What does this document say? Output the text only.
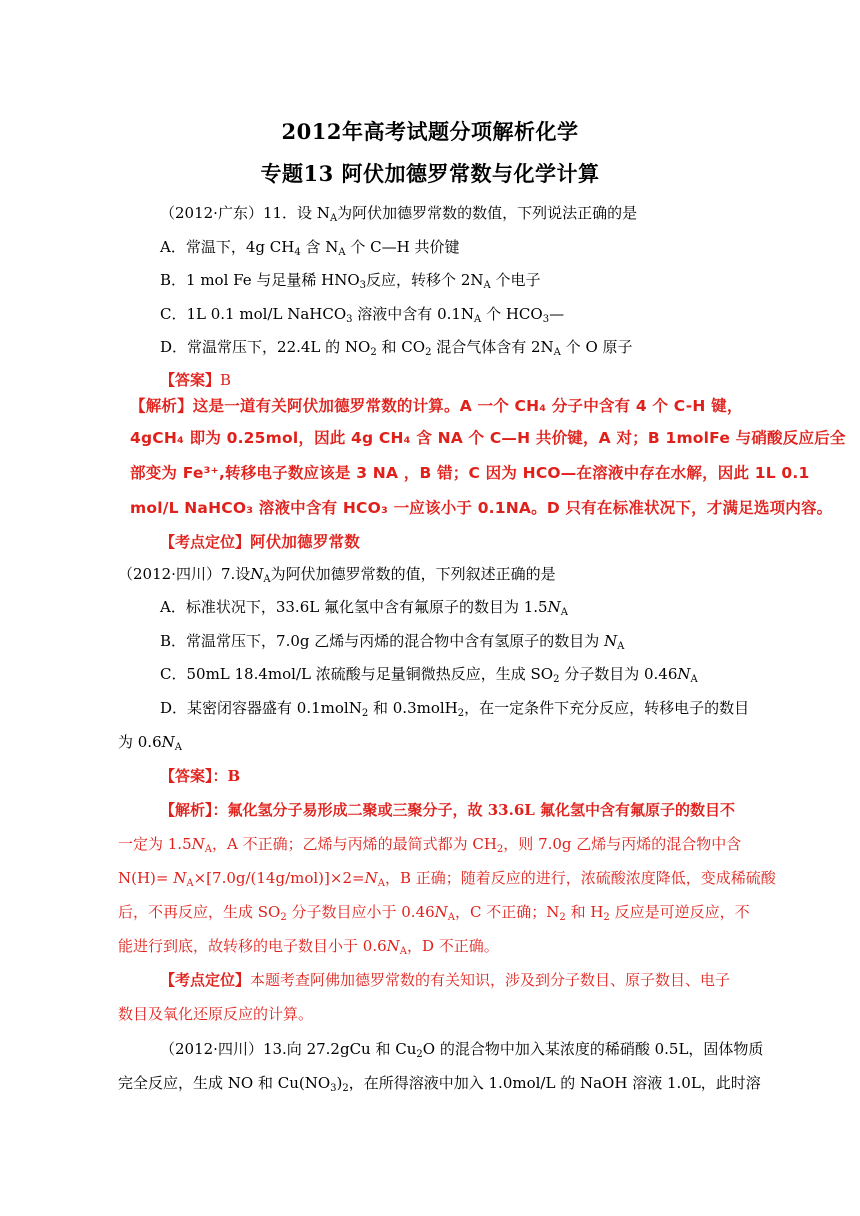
2012年高考试题分项解析化学
专题13 阿伏加德罗常数与化学计算
（2012·广东）11．设 $N_A$为阿伏加德罗常数的数值，下列说法正确的是
A．常温下，4g $CH_4$ 含 $N_A$ 个 C—H 共价键
B．1 mol Fe 与足量稀 $HNO_3$反应，转移个 $2N_A$ 个电子
C．1L 0.1 mol/L NaHCO$_3$ 溶液中含有 $0.1N_A$ 个 $HCO_3—$
D．常温常压下，22.4L 的 $NO_2$ 和 $CO_2$ 混合气体含有 $2N_A$ 个 O 原子
【答案】B
【解析】这是一道有关阿伏加德罗常数的计算。A 一个 CH₄ 分子中含有 4 个 C-H 键，
4gCH₄ 即为 0.25mol，因此 4g CH₄ 含 NA 个 C—H 共价键，A 对；B 1molFe 与硝酸反应后全
部变为 Fe³⁺,转移电子数应该是 3 NA ，B 错；C 因为 HCO—在溶液中存在水解，因此 1L 0.1
mol/L NaHCO₃ 溶液中含有 HCO₃ 一应该小于 0.1NA。D 只有在标准状况下，才满足选项内容。
【考点定位】阿伏加德罗常数
（2012·四川）7.设$N_A$为阿伏加德罗常数的值，下列叙述正确的是
A．标准状况下，33.6L 氟化氢中含有氟原子的数目为 $1.5N_A$
B．常温常压下，7.0g 乙烯与丙烯的混合物中含有氢原子的数目为 $N_A$
C．50mL 18.4mol/L 浓硫酸与足量铜微热反应，生成 $SO_2$ 分子数目为 $0.46N_A$
D．某密闭容器盛有 0.1molN$_2$ 和 0.3molH$_2$，在一定条件下充分反应，转移电子的数目
为 $0.6N_A$
【答案】：B
【解析】：氟化氢分子易形成二聚或三聚分子，故 33.6L 氟化氢中含有氟原子的数目不
一定为 $1.5N_A$，A 不正确；乙烯与丙烯的最简式都为 $CH_2$，则 7.0g 乙烯与丙烯的混合物中含
$N(H)= N_A\times[7.0g/(14g/mol)]\times 2=N_A$，B 正确；随着反应的进行，浓硫酸浓度降低，变成稀硫酸
后，不再反应，生成 $SO_2$ 分子数目应小于 $0.46N_A$，C 不正确；$N_2$ 和 $H_2$ 反应是可逆反应，不
能进行到底，故转移的电子数目小于 $0.6N_A$，D 不正确。
【考点定位】本题考查阿佛加德罗常数的有关知识，涉及到分子数目、原子数目、电子
数目及氧化还原反应的计算。
（2012·四川）13.向 27.2gCu 和 $Cu_2O$ 的混合物中加入某浓度的稀硝酸 0.5L，固体物质
完全反应，生成 NO 和 $Cu(NO_3)_2$，在所得溶液中加入 1.0mol/L 的 NaOH 溶液 1.0L，此时溶
